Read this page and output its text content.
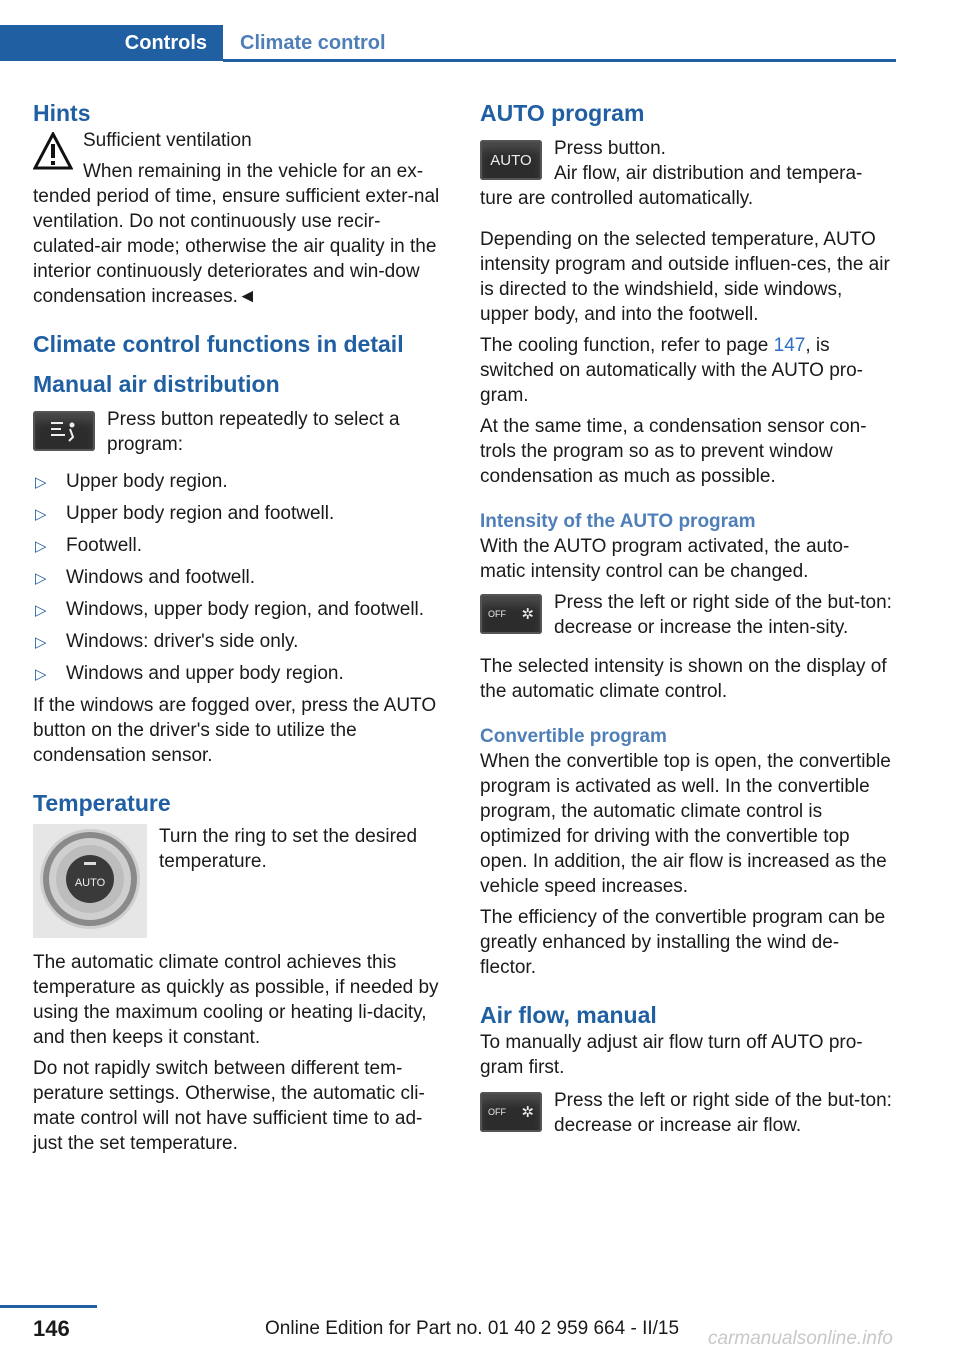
Controls	Climate control
Hints

Sufficient ventilation

When remaining in the vehicle for an ex-tended period of time, ensure sufficient exter-nal ventilation. Do not continuously use recir-culated-air mode; otherwise the air quality in the interior continuously deteriorates and win-dow condensation increases.◄

Climate control functions in detail
Manual air distribution

Press button repeatedly to select a program:

▷ Upper body region.
▷ Upper body region and footwell.
▷ Footwell.
▷ Windows and footwell.
▷ Windows, upper body region, and footwell.
▷ Windows: driver's side only.
▷ Windows and upper body region.

If the windows are fogged over, press the AUTO button on the driver's side to utilize the condensation sensor.

Temperature
AUTO

Turn the ring to set the desired temperature.

The automatic climate control achieves this temperature as quickly as possible, if needed by using the maximum cooling or heating li-dacity, and then keeps it constant.

Do not rapidly switch between different tem-perature settings. Otherwise, the automatic cli-mate control will not have sufficient time to ad-just the set temperature.

AUTO program
AUTO

Press button.

Air flow, air distribution and tempera-ture are controlled automatically.

Depending on the selected temperature, AUTO intensity program and outside influen-ces, the air is directed to the windshield, side windows, upper body, and into the footwell.

The cooling function, refer to page 147, is switched on automatically with the AUTO pro-gram.

At the same time, a condensation sensor con-trols the program so as to prevent window condensation as much as possible.

Intensity of the AUTO program

With the AUTO program activated, the auto-matic intensity control can be changed.

OFF ✲

Press the left or right side of the but-ton: decrease or increase the inten-sity.

The selected intensity is shown on the display of the automatic climate control.

Convertible program

When the convertible top is open, the convertible program is activated as well. In the convertible program, the automatic climate control is optimized for driving with the convertible top open. In addition, the air flow is increased as the vehicle speed increases.

The efficiency of the convertible program can be greatly enhanced by installing the wind de-flector.

Air flow, manual

To manually adjust air flow turn off AUTO pro-gram first.

OFF ✲

Press the left or right side of the but-ton: decrease or increase air flow.

146	Online Edition for Part no. 01 40 2 959 664 - II/15 carmanualsonline.info
